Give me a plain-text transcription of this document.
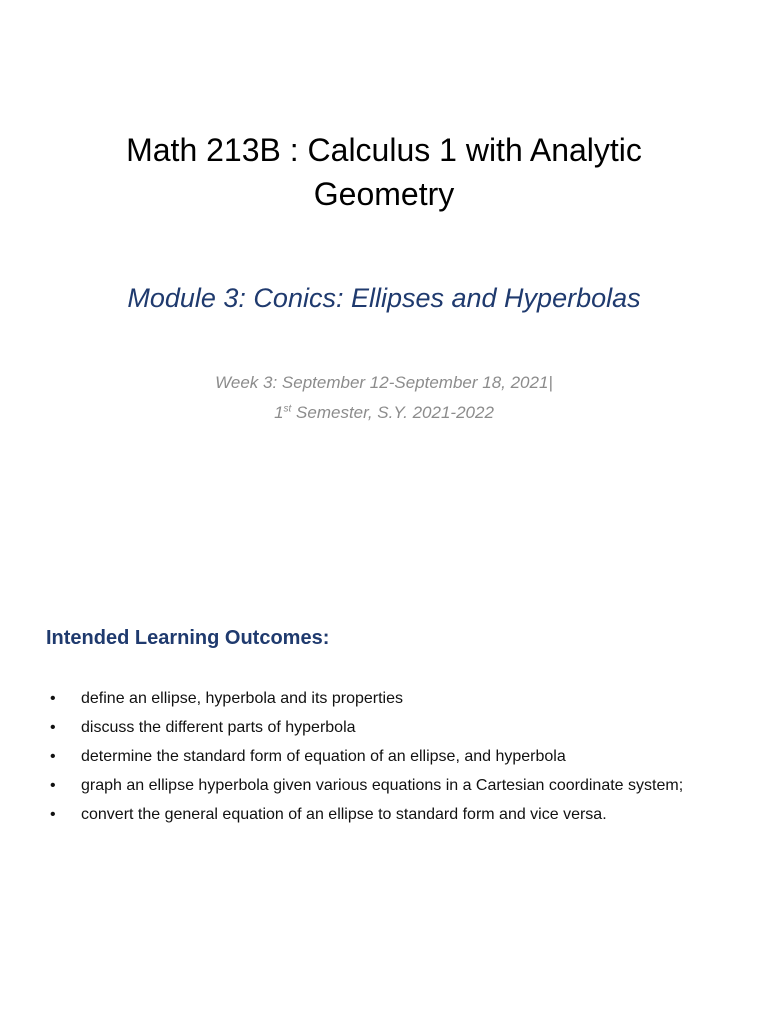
Math 213B : Calculus 1 with Analytic
Geometry
Module 3: Conics: Ellipses and Hyperbolas
Week 3: September 12-September 18, 2021|
1st Semester, S.Y. 2021-2022
Intended Learning Outcomes:
•	define an ellipse, hyperbola and its properties
•	discuss the different parts of hyperbola
•	determine the standard form of equation of an ellipse, and hyperbola
•	graph an ellipse hyperbola given various equations in a Cartesian coordinate system;
•	convert the general equation of an ellipse to standard form and vice versa.
